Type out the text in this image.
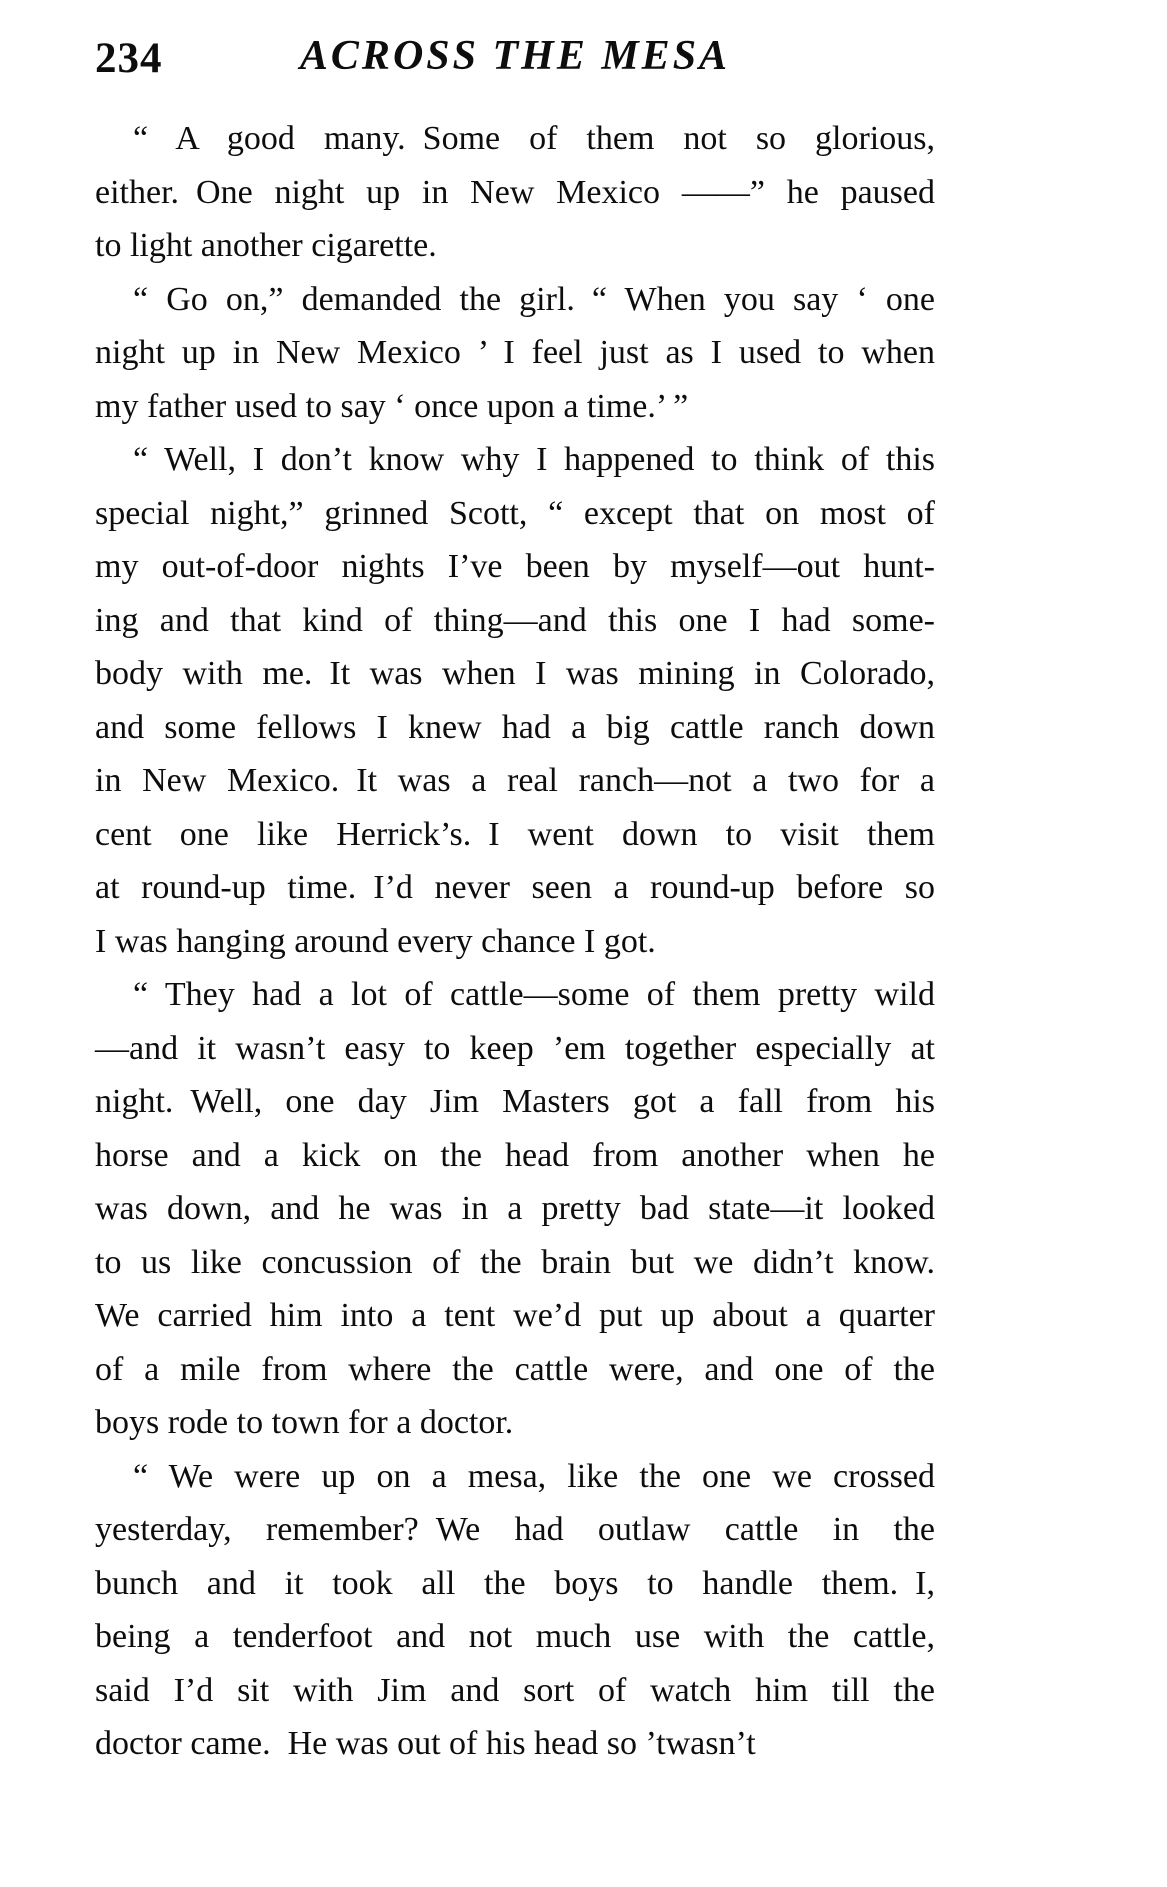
234	ACROSS THE MESA
“ A good many. Some of them not so glorious,
either. One night up in New Mexico ——” he paused
to light another cigarette.
“ Go on,” demanded the girl. “ When you say ‘ one
night up in New Mexico ’ I feel just as I used to when
my father used to say ‘ once upon a time.’ ”
“ Well, I don’t know why I happened to think of this
special night,” grinned Scott, “ except that on most of
my out-of-door nights I’ve been by myself—out hunt-
ing and that kind of thing—and this one I had some-
body with me. It was when I was mining in Colorado,
and some fellows I knew had a big cattle ranch down
in New Mexico. It was a real ranch—not a two for a
cent one like Herrick’s. I went down to visit them
at round-up time. I’d never seen a round-up before so
I was hanging around every chance I got.
“ They had a lot of cattle—some of them pretty wild
—and it wasn’t easy to keep ’em together especially at
night. Well, one day Jim Masters got a fall from his
horse and a kick on the head from another when he
was down, and he was in a pretty bad state—it looked
to us like concussion of the brain but we didn’t know.
We carried him into a tent we’d put up about a quarter
of a mile from where the cattle were, and one of the
boys rode to town for a doctor.
“ We were up on a mesa, like the one we crossed
yesterday, remember? We had outlaw cattle in the
bunch and it took all the boys to handle them. I,
being a tenderfoot and not much use with the cattle,
said I’d sit with Jim and sort of watch him till the
doctor came. He was out of his head so ’twasn’t
